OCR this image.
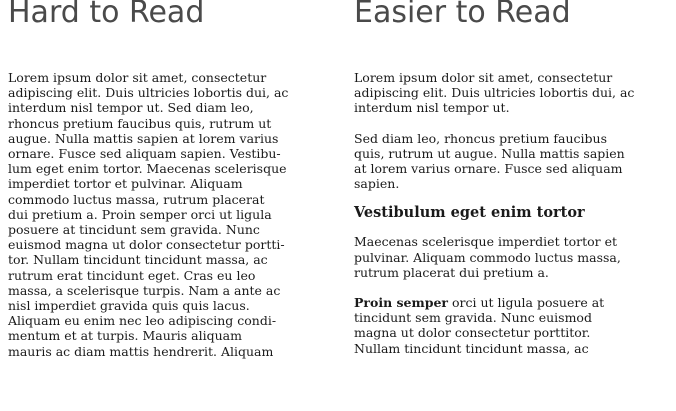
Hard to Read
Lorem ipsum dolor sit amet, consectetur
adipiscing elit. Duis ultricies lobortis dui, ac
interdum nisl tempor ut. Sed diam leo,
rhoncus pretium faucibus quis, rutrum ut
augue. Nulla mattis sapien at lorem varius
ornare. Fusce sed aliquam sapien. Vestibu-
lum eget enim tortor. Maecenas scelerisque
imperdiet tortor et pulvinar. Aliquam
commodo luctus massa, rutrum placerat
dui pretium a. Proin semper orci ut ligula
posuere at tincidunt sem gravida. Nunc
euismod magna ut dolor consectetur portti-
tor. Nullam tincidunt tincidunt massa, ac
rutrum erat tincidunt eget. Cras eu leo
massa, a scelerisque turpis. Nam a ante ac
nisl imperdiet gravida quis quis lacus.
Aliquam eu enim nec leo adipiscing condi-
mentum et at turpis. Mauris aliquam
mauris ac diam mattis hendrerit. Aliquam
Easier to Read
Lorem ipsum dolor sit amet, consectetur
adipiscing elit. Duis ultricies lobortis dui, ac
interdum nisl tempor ut.
Sed diam leo, rhoncus pretium faucibus
quis, rutrum ut augue. Nulla mattis sapien
at lorem varius ornare. Fusce sed aliquam
sapien.
Vestibulum eget enim tortor
Maecenas scelerisque imperdiet tortor et
pulvinar. Aliquam commodo luctus massa,
rutrum placerat dui pretium a.
Proin semper orci ut ligula posuere at
tincidunt sem gravida. Nunc euismod
magna ut dolor consectetur porttitor.
Nullam tincidunt tincidunt massa, ac
